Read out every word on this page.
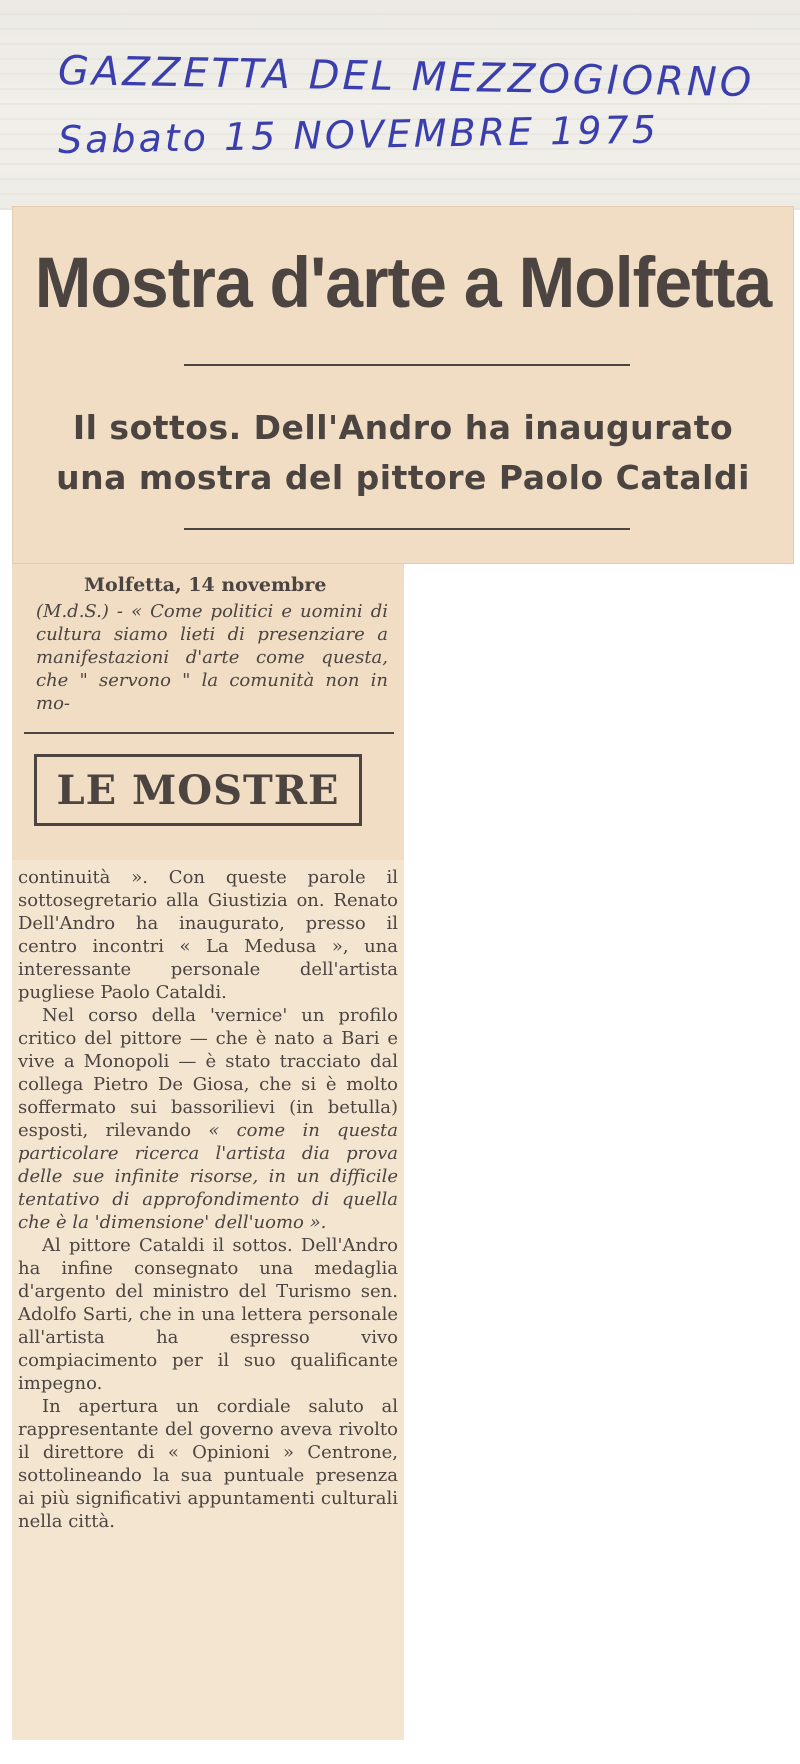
GAZZETTA DEL MEZZOGIORNO
Sabato 15 NOVEMBRE 1975
Mostra d'arte a Molfetta
Il sottos. Dell'Andro ha inaugurato
una mostra del pittore Paolo Cataldi
Molfetta, 14 novembre
(M.d.S.) - « Come politici e uomini di cultura siamo lieti di presenziare a manifestazioni d'arte come questa, che " servono " la comunità non in mo-
LE MOSTRE

continuità ». Con queste parole il sottosegretario alla Giustizia on. Renato Dell'Andro ha inaugurato, presso il centro incontri « La Medusa », una interessante personale dell'artista pugliese Paolo Cataldi.

Nel corso della 'vernice' un profilo critico del pittore — che è nato a Bari e vive a Monopoli — è stato tracciato dal collega Pietro De Giosa, che si è molto soffermato sui bassorilievi (in betulla) esposti, rilevando « come in questa particolare ricerca l'artista dia prova delle sue infinite risorse, in un difficile tentativo di approfondimento di quella che è la 'dimensione' dell'uomo ».

Al pittore Cataldi il sottos. Dell'Andro ha infine consegnato una medaglia d'argento del ministro del Turismo sen. Adolfo Sarti, che in una lettera personale all'artista ha espresso vivo compiacimento per il suo qualificante impegno.

In apertura un cordiale saluto al rappresentante del governo aveva rivolto il direttore di « Opinioni » Centrone, sottolineando la sua puntuale presenza ai più significativi appuntamenti culturali nella città.
